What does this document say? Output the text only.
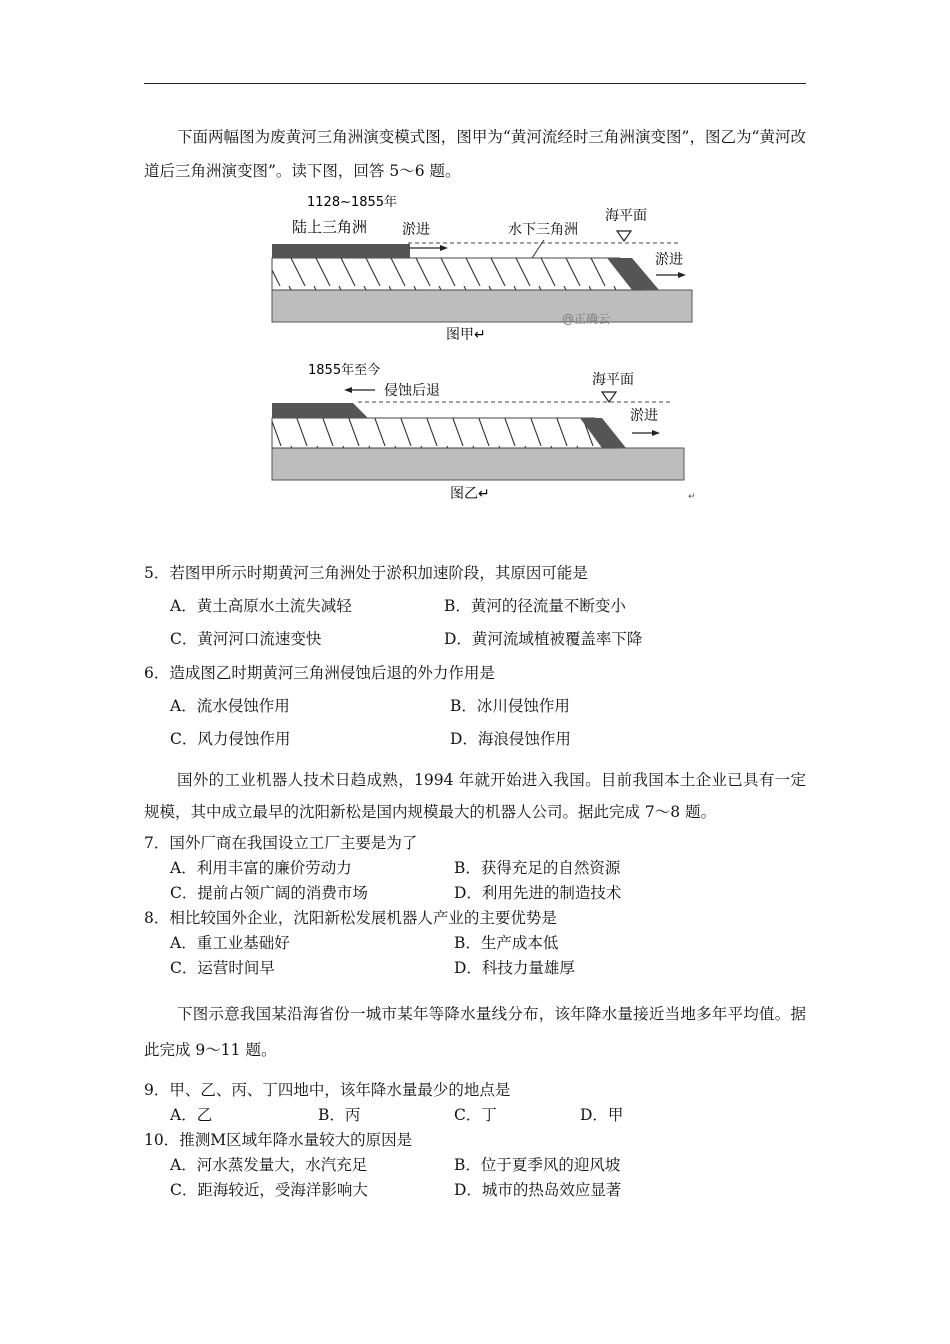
下面两幅图为废黄河三角洲演变模式图，图甲为“黄河流经时三角洲演变图”，图乙为“黄河改道后三角洲演变图”。读下图，回答 5～6 题。

1128~1855年
陆上三角洲 淤进	水下三角洲
海平面
淤进
@正确云
图甲↵
1855年至今
侵蚀后退
海平面
淤进
图乙↵	↵
5．若图甲所示时期黄河三角洲处于淤积加速阶段，其原因可能是
A．黄土高原水土流失减轻	B．黄河的径流量不断变小
C．黄河河口流速变快	D．黄河流域植被覆盖率下降
6．造成图乙时期黄河三角洲侵蚀后退的外力作用是
A．流水侵蚀作用	B．冰川侵蚀作用
C．风力侵蚀作用	D．海浪侵蚀作用

国外的工业机器人技术日趋成熟，1994 年就开始进入我国。目前我国本土企业已具有一定规模，其中成立最早的沈阳新松是国内规模最大的机器人公司。据此完成 7～8 题。

7．国外厂商在我国设立工厂主要是为了
A．利用丰富的廉价劳动力	B．获得充足的自然资源
C．提前占领广阔的消费市场	D．利用先进的制造技术
8．相比较国外企业，沈阳新松发展机器人产业的主要优势是
A．重工业基础好	B．生产成本低
C．运营时间早	D．科技力量雄厚

下图示意我国某沿海省份一城市某年等降水量线分布，该年降水量接近当地多年平均值。据此完成 9～11 题。

9．甲、乙、丙、丁四地中，该年降水量最少的地点是
A．乙	B．丙	C．丁	D．甲
10．推测M区域年降水量较大的原因是
A．河水蒸发量大，水汽充足	B．位于夏季风的迎风坡
C．距海较近，受海洋影响大	D．城市的热岛效应显著
